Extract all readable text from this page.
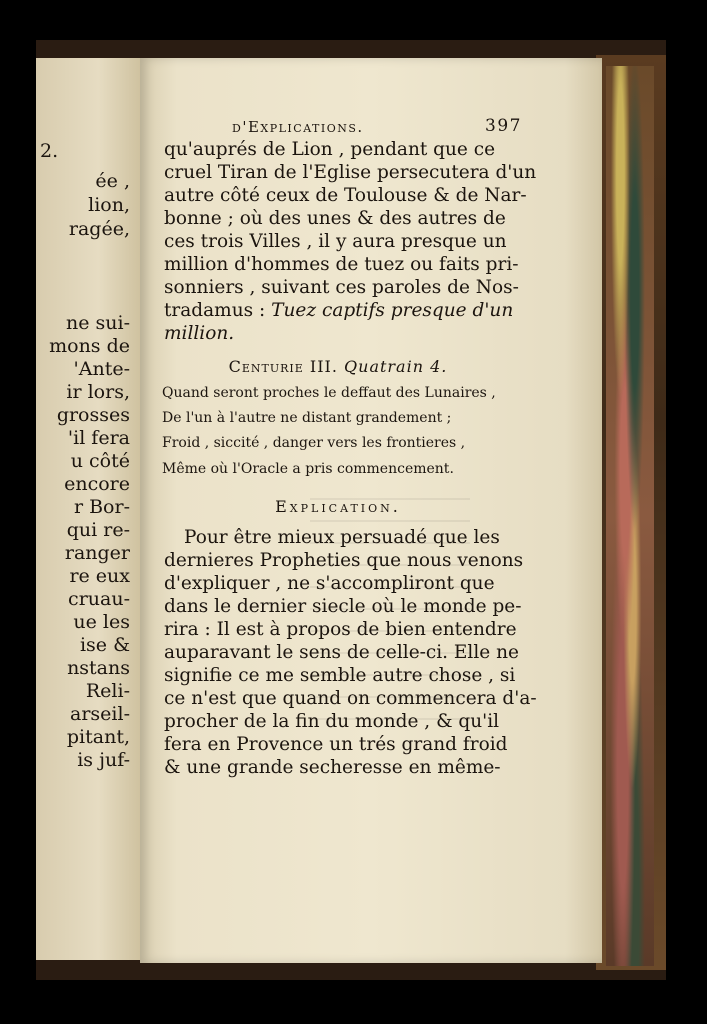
2.
ée ,
lion,
ragée,
ne sui-
mons de
'Ante-
ir lors,
grosses
'il fera
u côté
encore
r Bor-
qui re-
ranger
re eux
cruau-
ue les
ise &
nstans
Reli-
arseil-
pitant,
is juf-
d'Explications.	397
qu'auprés de Lion , pendant que ce
cruel Tiran de l'Eglise persecutera d'un
autre côté ceux de Toulouse & de Nar-
bonne ; où des unes & des autres de
ces trois Villes , il y aura presque un
million d'hommes de tuez ou faits pri-
sonniers , suivant ces paroles de Nos-
tradamus : Tuez captifs presque d'un
million.
Centurie III. Quatrain 4.
Quand seront proches le deffaut des Lunaires ,
De l'un à l'autre ne distant grandement ;
Froid , siccité , danger vers les frontieres ,
Même où l'Oracle a pris commencement.
Explication.
Pour être mieux persuadé que les
dernieres Propheties que nous venons
d'expliquer , ne s'accompliront que
dans le dernier siecle où le monde pe-
rira : Il est à propos de bien entendre
auparavant le sens de celle-ci. Elle ne
signifie ce me semble autre chose , si
ce n'est que quand on commencera d'a-
procher de la fin du monde , & qu'il
fera en Provence un trés grand froid
& une grande secheresse en même-
